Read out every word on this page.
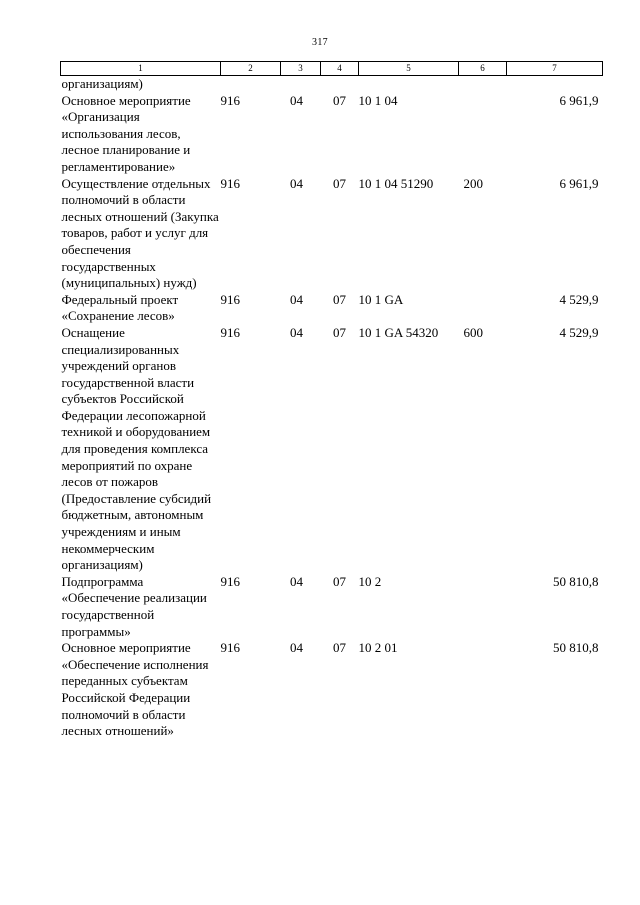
317
1	2	3	4	5	6	7
организациям)						
Основное мероприятие «Организация использования лесов, лесное планирование и регламентирование»	916	04	07	10 1 04		6 961,9
Осуществление отдельных полномочий в области лесных отношений (Закупка товаров, работ и услуг для обеспечения государственных (муниципальных) нужд)	916	04	07	10 1 04 51290	200	6 961,9
Федеральный проект «Сохранение лесов»	916	04	07	10 1 GA		4 529,9
Оснащение специализированных учреждений органов государственной власти субъектов Российской Федерации лесопожарной техникой и оборудованием для проведения комплекса мероприятий по охране лесов от пожаров (Предоставление субсидий бюджетным, автономным учреждениям и иным некоммерческим организациям)	916	04	07	10 1 GA 54320	600	4 529,9
Подпрограмма «Обеспечение реализации государственной программы»	916	04	07	10 2		50 810,8
Основное мероприятие «Обеспечение исполнения переданных субъектам Российской Федерации полномочий в области лесных отношений»	916	04	07	10 2 01		50 810,8
